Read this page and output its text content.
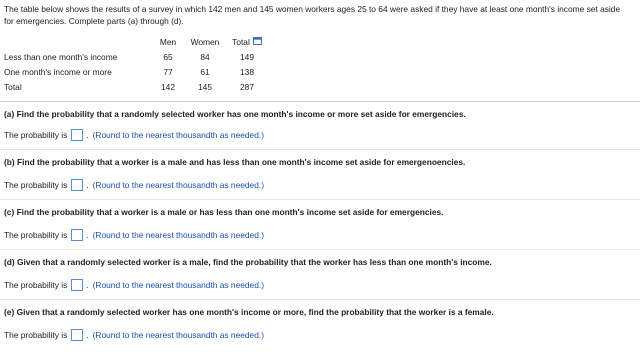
The table below shows the results of a survey in which 142 men and 145 women workers ages 25 to 64 were asked if they have at least one month's income set aside for emergencies. Complete parts (a) through (d).
	Men	Women	Total
Less than one month's income	65	84	149
One month's income or more	77	61	138
Total	142	145	287
(a) Find the probability that a randomly selected worker has one month's income or more set aside for emergencies.
The probability is . (Round to the nearest thousandth as needed.)
(b) Find the probability that a worker is a male and has less than one month's income set aside for emergenoencies.
The probability is . (Round to the nearest thousandth as needed.)
(c) Find the probability that a worker is a male or has less than one month's income set aside for emergencies.
The probability is . (Round to the nearest thousandth as needed.)
(d) Given that a randomly selected worker is a male, find the probability that the worker has less than one month's income.
The probability is . (Round to the nearest thousandth as needed.)
(e) Given that a randomly selected worker has one month's income or more, find the probability that the worker is a female.
The probability is . (Round to the nearest thousandth as needed.)
